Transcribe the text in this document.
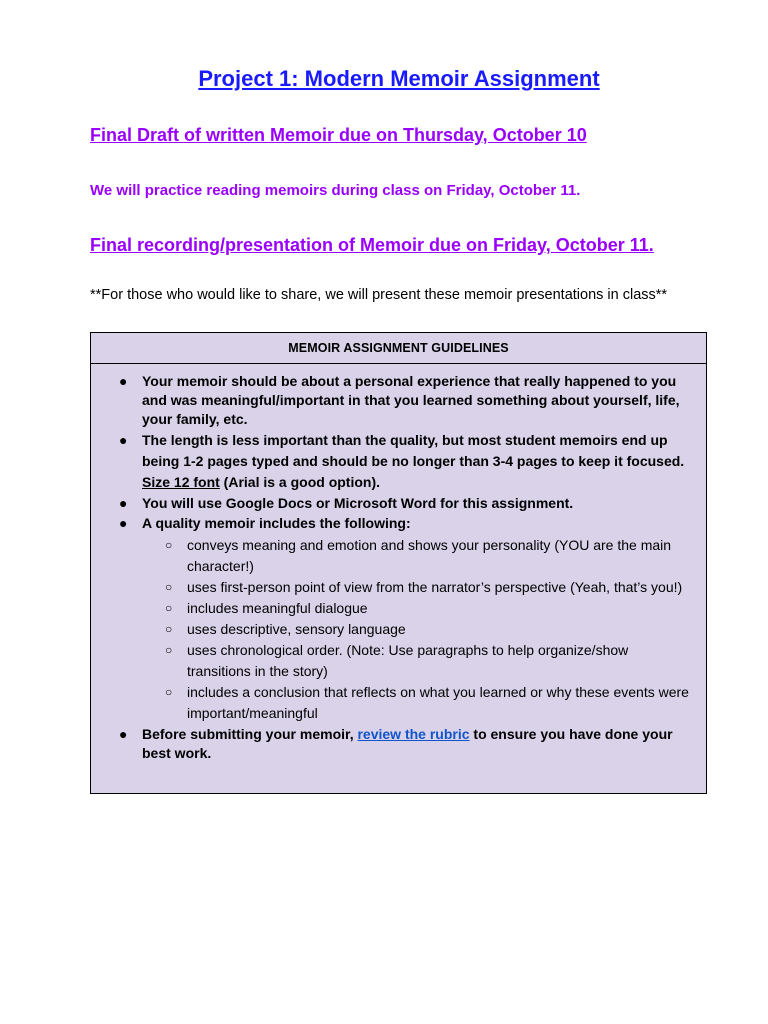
Project 1: Modern Memoir Assignment
Final Draft of written Memoir due on Thursday, October 10
We will practice reading memoirs during class on Friday, October 11.
Final recording/presentation of Memoir due on Friday, October 11.
**For those who would like to share, we will present these memoir presentations in class**
MEMOIR ASSIGNMENT GUIDELINES
● Your memoir should be about a personal experience that really happened to you and was meaningful/important in that you learned something about yourself, life, your family, etc.
● The length is less important than the quality, but most student memoirs end up being 1-2 pages typed and should be no longer than 3-4 pages to keep it focused. Size 12 font (Arial is a good option).
● You will use Google Docs or Microsoft Word for this assignment.
● A quality memoir includes the following:
○ conveys meaning and emotion and shows your personality (YOU are the main character!)
○ uses first-person point of view from the narrator’s perspective (Yeah, that’s you!)
○ includes meaningful dialogue
○ uses descriptive, sensory language
○ uses chronological order. (Note: Use paragraphs to help organize/show transitions in the story)
○ includes a conclusion that reflects on what you learned or why these events were important/meaningful
● Before submitting your memoir, review the rubric to ensure you have done your best work.
